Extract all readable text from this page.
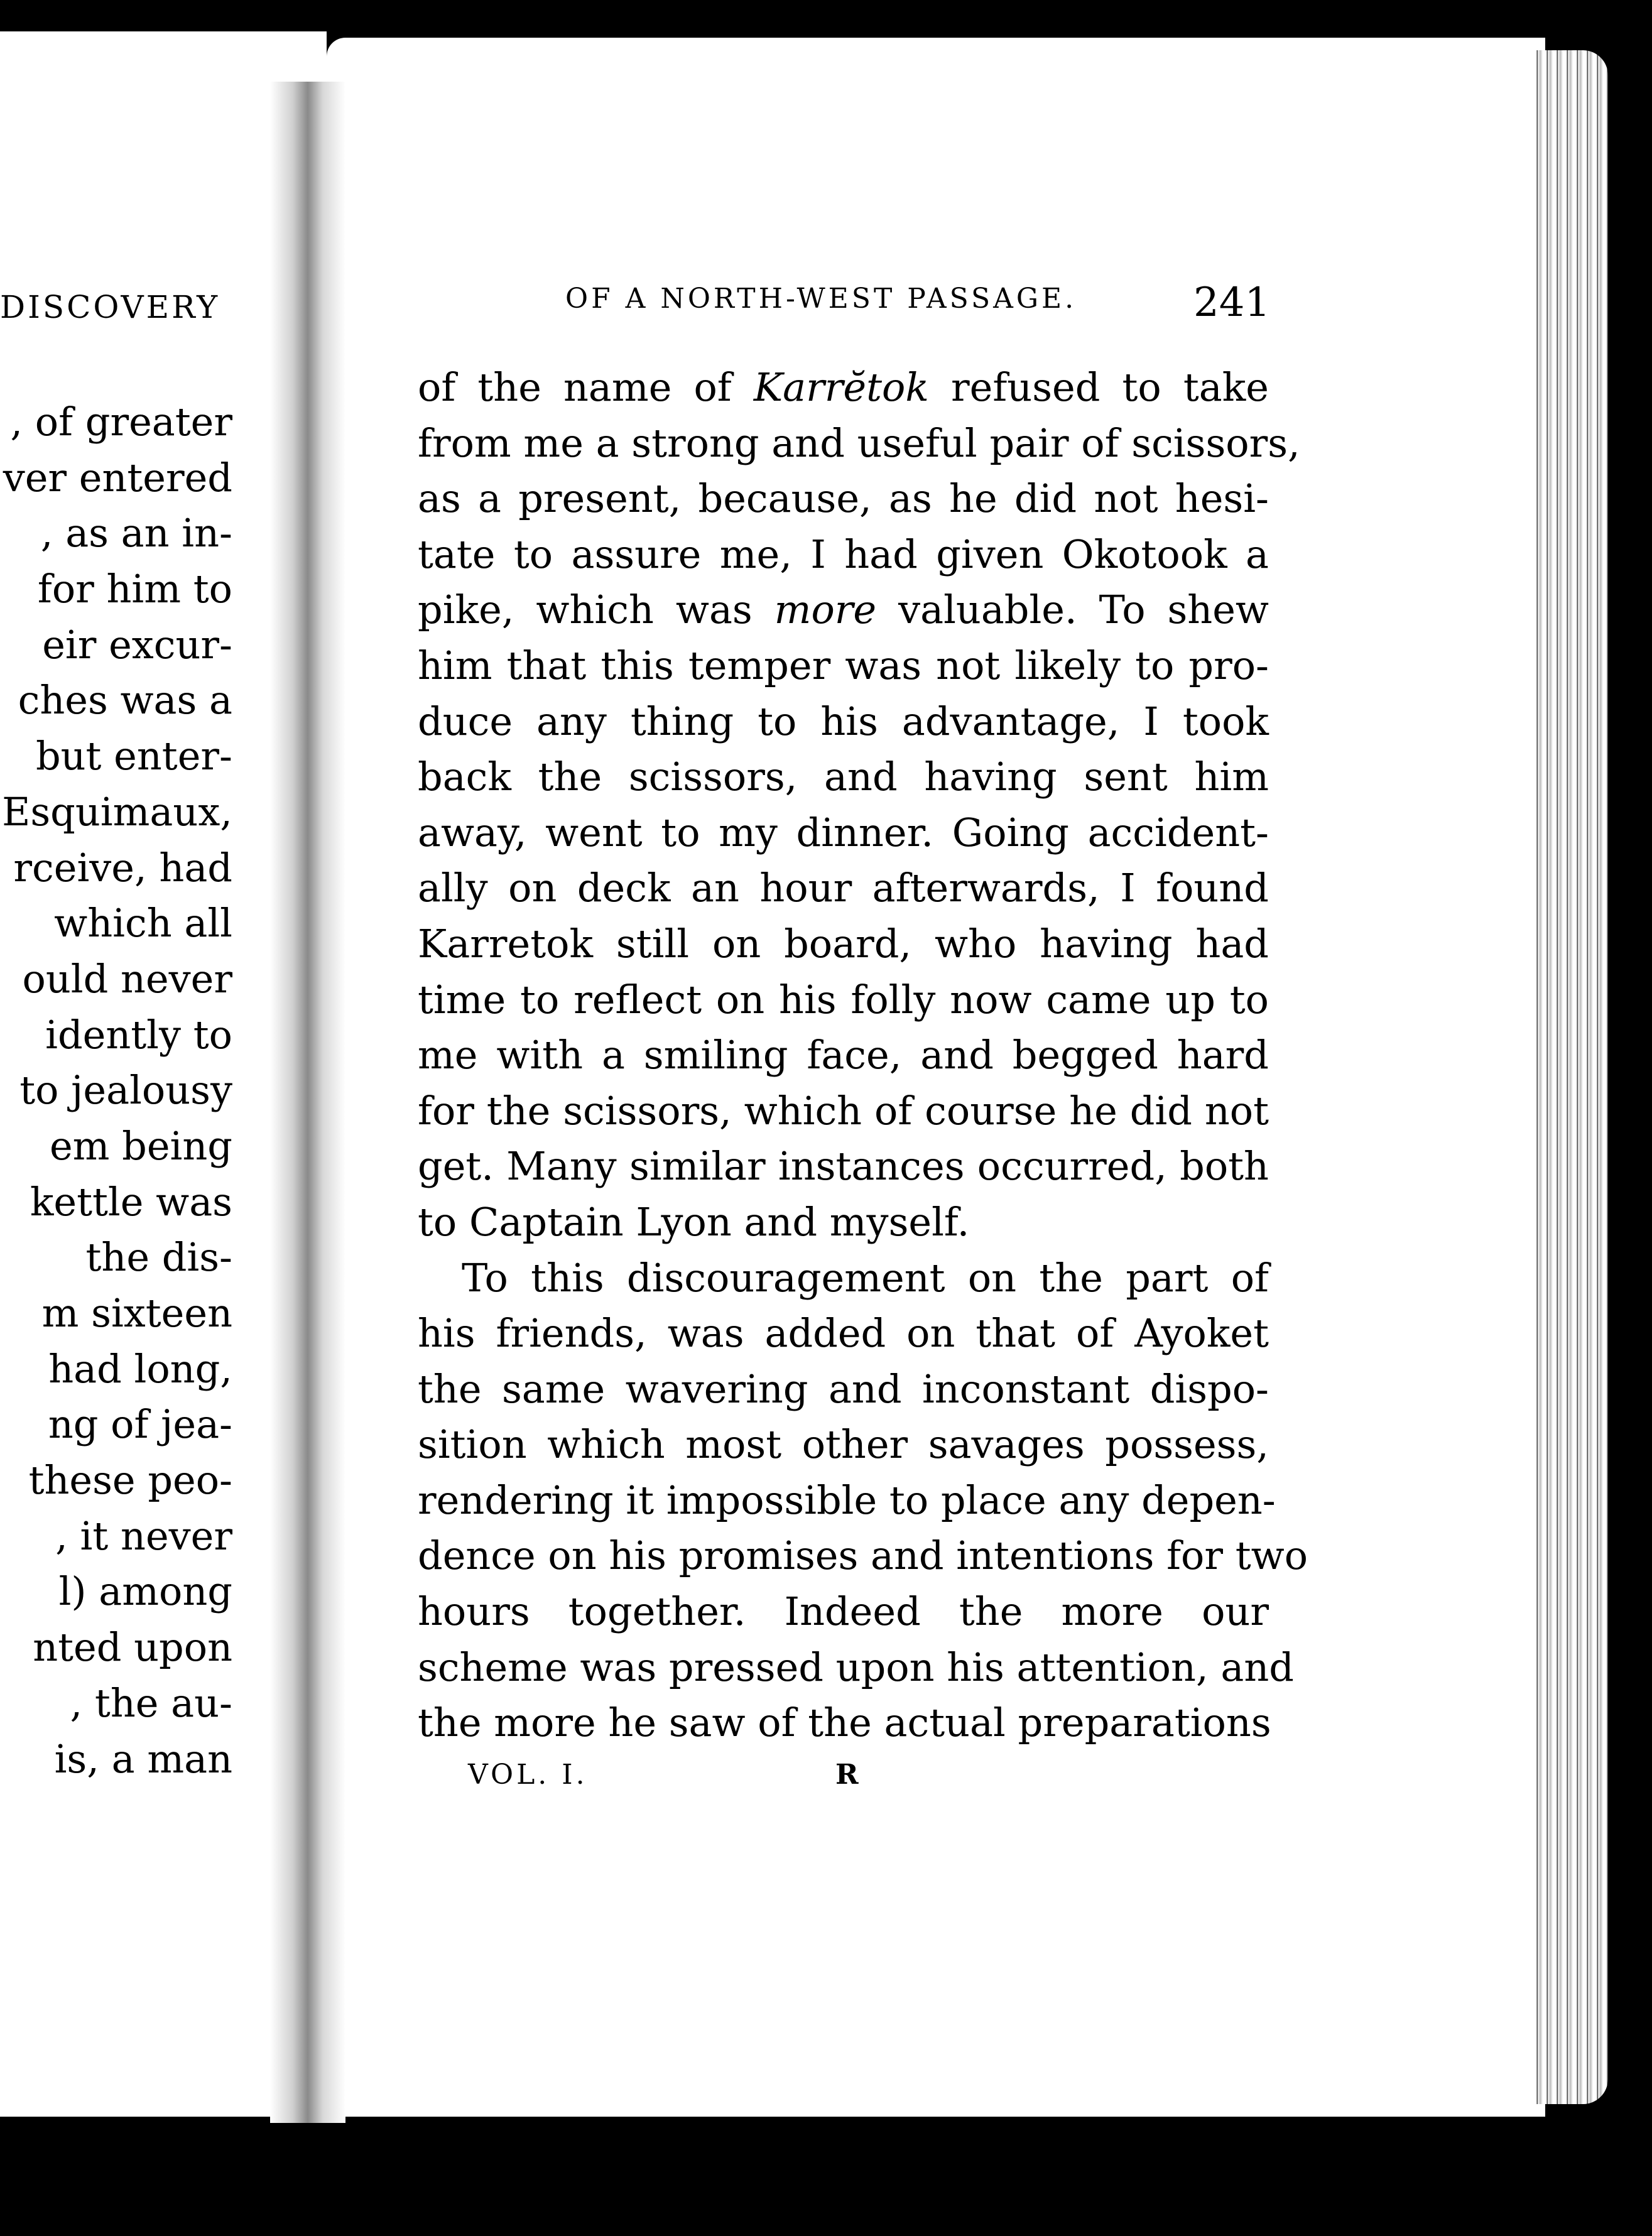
DISCOVERY
, of greater
ver entered
, as an in-
for him to
eir excur-
ches was a
but enter-
Esquimaux,
rceive, had
which all
ould never
idently to
to jealousy
em being
kettle was
the dis-
m sixteen
had long,
ng of jea-
these peo-
, it never
l) among
nted upon
, the au-
is, a man
OF A NORTH-WEST PASSAGE.	241
of the name of Karrĕtok refused to take
from me a strong and useful pair of scissors,
as a present, because, as he did not hesi-
tate to assure me, I had given Okotook a
pike, which was more valuable. To shew
him that this temper was not likely to pro-
duce any thing to his advantage, I took
back the scissors, and having sent him
away, went to my dinner. Going accident-
ally on deck an hour afterwards, I found
Karretok still on board, who having had
time to reflect on his folly now came up to
me with a smiling face, and begged hard
for the scissors, which of course he did not
get. Many similar instances occurred, both
to Captain Lyon and myself.
To this discouragement on the part of
his friends, was added on that of Ayoket
the same wavering and inconstant dispo-
sition which most other savages possess,
rendering it impossible to place any depen-
dence on his promises and intentions for two
hours together. Indeed the more our
scheme was pressed upon his attention, and
the more he saw of the actual preparations
VOL. I.	R
